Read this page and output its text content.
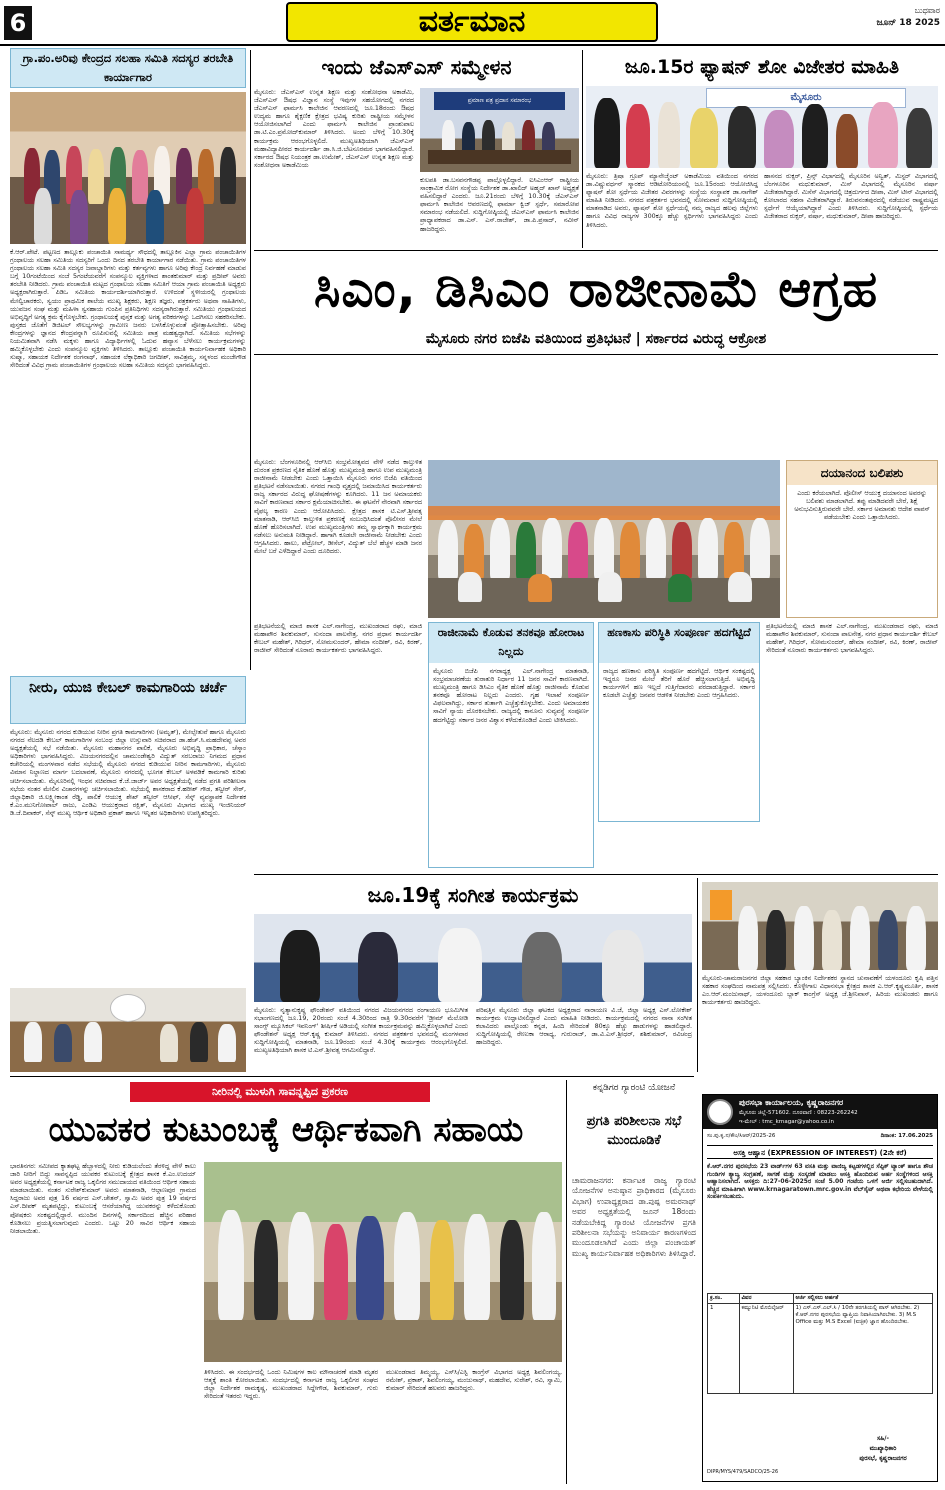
6	ವರ್ತಮಾನ	ಬುಧವಾರ
ಜೂನ್ 18 2025
ಗ್ರಾ.ಪಂ.ಅರಿವು ಕೇಂದ್ರದ ಸಲಹಾ ಸಮಿತಿ ಸದಸ್ಯರ ತರಬೇತಿ ಕಾರ್ಯಾಗಾರ
ಕೆ.ಆರ್.ಪೇಟೆ. ಪಟ್ಟಣದ ತಾಲ್ಲೂಕು ಪಂಚಾಯಿತಿ ಸಾಮರ್ಥ್ಯ ಸೌಧದಲ್ಲಿ ತಾಲ್ಲೂಕಿನ ಎಲ್ಲಾ ಗ್ರಾಮ ಪಂಚಾಯಿತಿಗಳ ಗ್ರಂಥಾಲಯ ಸಲಹಾ ಸಮಿತಿಯ ಸದಸ್ಯರಿಗೆ ಒಂದು ದಿನದ ತರಬೇತಿ ಕಾರ್ಯಾಗಾರ ನಡೆಯಿತು. ಗ್ರಾಮ ಪಂಚಾಯಿತಿಗಳ ಗ್ರಂಥಾಲಯ ಸಲಹಾ ಸಮಿತಿ ಸದಸ್ಯರ ಜವಾಬ್ದಾರಿಗಳು ಮತ್ತು ಕರ್ತವ್ಯಗಳು ಹಾಗೂ ಅರಿವು ಕೇಂದ್ರ ನಿರ್ವಹಣೆ ಮಾಡುವ ಬಗ್ಗೆ 10ಗಂಟೆಯಿಂದ ಸಂಜೆ 5ಗಂಟೆಯವರೆಗೆ ಸಂಪನ್ಮೂಲ ವ್ಯಕ್ತಿಗಳಾದ ಶಾಂತಕುಮಾರ್ ಮತ್ತು ಪ್ರದೀಪ್ ಅವರು ತರಬೇತಿ ನೀಡಿದರು. ಗ್ರಾಮ ಪಂಚಾಯಿತಿ ಮಟ್ಟದ ಗ್ರಂಥಾಲಯ ಸಲಹಾ ಸಮಿತಿಗೆ ಆಯಾ ಗ್ರಾಮ ಪಂಚಾಯಿತಿ ಅಧ್ಯಕ್ಷರು ಅಧ್ಯಕ್ಷರಾಗಿರುತ್ತಾರೆ. ಪಿಡಿಒ ಸಮಿತಿಯ ಕಾರ್ಯದರ್ಶಿಯಾಗಿರುತ್ತಾರೆ. ಉಳಿದಂತೆ ಸ್ಥಳೀಯರಲ್ಲಿ ಗ್ರಂಥಾಲಯ ಮೇಲ್ವಿಚಾರಕರು, ಸ್ವಯಂ ಪ್ರಾಥಮಿಕ ಶಾಲೆಯ ಮುಖ್ಯ ಶಿಕ್ಷಕರು, ಶಿಕ್ಷಣ ತಜ್ಞರು, ಪತ್ರಕರ್ತರು ಅಥವಾ ಸಾಹಿತಿಗಳು, ಯುವಜನ ಸಂಘ ಮತ್ತು ಮಹಿಳಾ ಸ್ವಸಹಾಯ ಗುಂಪಿನ ಪ್ರತಿನಿಧಿಗಳು ಸದಸ್ಯರಾಗಿರುತ್ತಾರೆ. ಸಮಿತಿಯು ಗ್ರಂಥಾಲಯದ ಅಭಿವೃದ್ಧಿಗೆ ಅಗತ್ಯ ಕ್ರಮ ಕೈಗೊಳ್ಳಬೇಕು. ಗ್ರಂಥಾಲಯಕ್ಕೆ ಪುಸ್ತಕ ಮತ್ತು ಅಗತ್ಯ ಪರಿಕರಗಳನ್ನು ಒದಗಿಸಲು ಸಹಕರಿಸಬೇಕು. ಪುಸ್ತಕದ ಜೊತೆಗೆ ಡಿಜಿಟಲ್ ಸೌಲಭ್ಯಗಳನ್ನು ಗ್ರಾಮೀಣ ಜನರು ಬಳಸಿಕೊಳ್ಳುವಂತೆ ಪ್ರೋತ್ಸಾಹಿಸಬೇಕು. ಅರಿವು ಕೇಂದ್ರಗಳನ್ನು ಜ್ಞಾನದ ಕೇಂದ್ರವನ್ನಾಗಿ ರೂಪಿಸುವಲ್ಲಿ ಸಮಿತಿಯ ಪಾತ್ರ ಮಹತ್ವದ್ದಾಗಿದೆ. ಸಮಿತಿಯ ಸಭೆಗಳನ್ನು ನಿಯಮಿತವಾಗಿ ನಡೆಸಿ ಮಕ್ಕಳು ಹಾಗೂ ವಿದ್ಯಾರ್ಥಿಗಳಲ್ಲಿ ಓದುವ ಹವ್ಯಾಸ ಬೆಳೆಸಲು ಕಾರ್ಯಕ್ರಮಗಳನ್ನು ಹಮ್ಮಿಕೊಳ್ಳಬೇಕು ಎಂದು ಸಂಪನ್ಮೂಲ ವ್ಯಕ್ತಿಗಳು ತಿಳಿಸಿದರು. ತಾಲ್ಲೂಕು ಪಂಚಾಯಿತಿ ಕಾರ್ಯನಿರ್ವಾಹಕ ಅಧಿಕಾರಿ ಸುಷ್ಮಾ, ಸಹಾಯಕ ನಿರ್ದೇಶಕ ರಂಗನಾಥ್, ಸಹಾಯಕ ಲೆಕ್ಕಾಧಿಕಾರಿ ಜಗದೀಶ್, ಸಾವಿತ್ರಮ್ಮ, ಸನ್ನಳಂದ ಮಂಜೇಗೌಡ ಸೇರಿದಂತೆ ವಿವಿಧ ಗ್ರಾಮ ಪಂಚಾಯಿತಿಗಳ ಗ್ರಂಥಾಲಯ ಸಲಹಾ ಸಮಿತಿಯ ಸದಸ್ಯರು ಭಾಗವಹಿಸಿದ್ದರು.
ಇಂದು ಜೆಎಸ್ಎಸ್ ಸಮ್ಮೇಳನ
ಮೈಸೂರು: ಜೆಎಸ್ಎಸ್ ಉನ್ನತ ಶಿಕ್ಷಣ ಮತ್ತು ಸಂಶೋಧನಾ ಅಕಾಡೆಮಿ, ಜೆಎಸ್ಎಸ್ ಔಷಧ ವಿಜ್ಞಾನ ಸಂಸ್ಥೆ ಇವುಗಳ ಸಹಯೋಗದಲ್ಲಿ ನಗರದ ಜೆಎಸ್ಎಸ್ ಫಾರ್ಮಸಿ ಕಾಲೇಜಿನ ಆವರಣದಲ್ಲಿ ಜೂ.18ರಂದು ಔಷಧ ಉದ್ಯಮ ಹಾಗೂ ಶೈಕ್ಷಣಿಕ ಕ್ಷೇತ್ರದ ಭವಿಷ್ಯ ಕುರಿತು ರಾಷ್ಟ್ರೀಯ ಸಮ್ಮೇಳನ ಆಯೋಜಿಸಲಾಗಿದೆ ಎಂದು ಫಾರ್ಮಸಿ ಕಾಲೇಜಿನ ಪ್ರಾಂಶುಪಾಲ ಡಾ.ಟಿ.ಎಂ.ಪ್ರಮೋದ್‌ಕುಮಾರ್ ತಿಳಿಸಿದರು. ಅಂದು ಬೆಳಿಗ್ಗೆ 10.30ಕ್ಕೆ ಕಾರ್ಯಕ್ರಮ ಆರಂಭಗೊಳ್ಳಲಿದೆ. ಮುಖ್ಯಅತಿಥಿಯಾಗಿ ಜೆಎಸ್ಎಸ್ ಮಹಾವಿದ್ಯಾಪೀಠದ ಕಾರ್ಯದರ್ಶಿ ಡಾ.ಸಿ.ಜಿ.ಬೆಟಸೂರಮಠ ಭಾಗವಹಿಸಲಿದ್ದಾರೆ. ಸರ್ಕಾರದ ಔಷಧ ನಿಯಂತ್ರಕ ಡಾ.ಉಮೇಶ್, ಜೆಎಸ್ಎಸ್ ಉನ್ನತ ಶಿಕ್ಷಣ ಮತ್ತು ಸಂಶೋಧನಾ ಅಕಾಡೆಮಿಯ
ಪ್ರಮಾಣ ಪತ್ರ ಪ್ರದಾನ ಸಮಾರಂಭ
ಕುಲಪತಿ ಡಾ.ಬಸವನಗೌಡಪ್ಪ ಪಾಲ್ಗೊಳ್ಳಲಿದ್ದಾರೆ. ಐಸಿಎಂಆರ್ ರಾಷ್ಟ್ರೀಯ ಸಾಂಕ್ರಾಮಿಕ ರೋಗ ಸಂಸ್ಥೆಯ ನಿರ್ದೇಶಕ ಡಾ.ಖಾಲಿದ್ ಅಹ್ಮದ್ ಖಾನ್ ಅಧ್ಯಕ್ಷತೆ ವಹಿಸಲಿದ್ದಾರೆ ಎಂದರು. ಜೂ.21ರಂದು ಬೆಳಿಗ್ಗೆ 10.30ಕ್ಕೆ ಜೆಎಸ್ಎಸ್ ಫಾರ್ಮಸಿ ಕಾಲೇಜಿನ ಆವರಣದಲ್ಲಿ ಫಾರ್ಮಾ ಕ್ವಿಜ್ ಸ್ಪರ್ಧೆ, ಸಮಾರೋಪ ಸಮಾರಂಭ ನಡೆಯಲಿದೆ. ಸುದ್ದಿಗೋಷ್ಠಿಯಲ್ಲಿ ಜೆಎಸ್ಎಸ್ ಫಾರ್ಮಸಿ ಕಾಲೇಜಿನ ಪ್ರಾಧ್ಯಾಪಕರಾದ ಡಾ.ಎಸ್. ಎಸ್.ರಾಜೇಶ್, ಡಾ.ಪಿ.ಪ್ರಸಾದ್, ನವೀನ್ ಹಾಜರಿದ್ದರು.
ಜೂ.15ರ ಫ್ಯಾಷನ್ ಶೋ ವಿಜೇತರ ಮಾಹಿತಿ
ಮೈಸೂರು
ಮೈಸೂರು: ತ್ರಿಷಾ ಗ್ರೂಪ್ ಮ್ಯಾನೇಜ್ಮೆಂಟ್ ಅಕಾಡೆಮಿಯ ವತಿಯಿಂದ ನಗರದ ಡಾ.ವಿಷ್ಣುವರ್ಧನ್ ಸ್ಮಾರಕದ ಆಡಿಟೋರಿಯಂನಲ್ಲಿ ಜೂ.15ರಂದು ಆಯೋಜಿಸಿದ್ದ ಫ್ಯಾಷನ್ ಶೋ ಸ್ಪರ್ಧೆಯ ವಿಜೇತರ ವಿವರಗಳನ್ನು ಸಂಸ್ಥೆಯ ಸಂಸ್ಥಾಪಕ ಡಾ.ನಾಗೇಶ್ ಮಾಹಿತಿ ನೀಡಿದರು. ನಗರದ ಪತ್ರಕರ್ತರ ಭವನದಲ್ಲಿ ಸೋಮವಾರ ಸುದ್ದಿಗೋಷ್ಠಿಯಲ್ಲಿ ಮಾತನಾಡಿದ ಅವರು, ಫ್ಯಾಷನ್ ಶೋ ಸ್ಪರ್ಧೆಯಲ್ಲಿ ನಮ್ಮ ರಾಜ್ಯದ ಹಲವು ಜಿಲ್ಲೆಗಳು ಹಾಗೂ ವಿವಿಧ ರಾಜ್ಯಗಳ 300ಕ್ಕೂ ಹೆಚ್ಚು ಸ್ಪರ್ಧಿಗಳು ಭಾಗವಹಿಸಿದ್ದರು ಎಂದು ತಿಳಿಸಿದರು.
ಹಾಸನದ ರುಕ್ಸರ್, ಪ್ರಿನ್ಸ್ ವಿಭಾಗದಲ್ಲಿ ಮೈಸೂರಿನ ಅನ್ವಿತ್, ಮಿಸ್ಟರ್ ವಿಭಾಗದಲ್ಲಿ ಬೆಂಗಳೂರಿನ ಮಧುಕುಮಾರ್, ಮಿಸ್ ವಿಭಾಗದಲ್ಲಿ ಮೈಸೂರಿನ ವರ್ಷಾ ವಿಜೇತರಾಗಿದ್ದಾರೆ. ಮಿಸೆಸ್ ವಿಭಾಗದಲ್ಲಿ ಚಿತ್ರದುರ್ಗದ ದೀಪಾ, ಮಿಸ್ ಟೀನ್ ವಿಭಾಗದಲ್ಲಿ ಕೋಲಾರದ ಸಹನಾ ವಿಜೇತರಾಗಿದ್ದಾರೆ. ತಿರುವನಂತಪುರದಲ್ಲಿ ನಡೆಯುವ ರಾಷ್ಟ್ರಮಟ್ಟದ ಸ್ಪರ್ಧೆಗೆ ಆಯ್ಕೆಯಾಗಿದ್ದಾರೆ ಎಂದು ತಿಳಿಸಿದರು. ಸುದ್ದಿಗೋಷ್ಠಿಯಲ್ಲಿ ಸ್ಪರ್ಧೆಯ ವಿಜೇತರಾದ ರುಕ್ಸರ್, ವರ್ಷಾ, ಮಧುಕುಮಾರ್, ದೀಪಾ ಹಾಜರಿದ್ದರು.
ಸಿಎಂ, ಡಿಸಿಎಂ ರಾಜೀನಾಮೆ ಆಗ್ರಹ
ಮೈಸೂರು ನಗರ ಬಿಜೆಪಿ ವತಿಯಿಂದ ಪ್ರತಿಭಟನೆ | ಸರ್ಕಾರದ ವಿರುದ್ಧ ಆಕ್ರೋಶ
ಮೈಸೂರು: ಬೆಂಗಳೂರಿನಲ್ಲಿ ಆರ್‌ಸಿಬಿ ಸಂಭ್ರಮೋತ್ಸವದ ವೇಳೆ ನಡೆದ ಕಾಲ್ತುಳಿತ ದುರಂತ ಪ್ರಕರಣದ ನೈತಿಕ ಹೊಣೆ ಹೊತ್ತು ಮುಖ್ಯಮಂತ್ರಿ ಹಾಗೂ ಉಪ ಮುಖ್ಯಮಂತ್ರಿ ರಾಜೀನಾಮೆ ನೀಡಬೇಕು ಎಂದು ಒತ್ತಾಯಿಸಿ ಮೈಸೂರು ನಗರ ಬಿಜೆಪಿ ವತಿಯಿಂದ ಪ್ರತಿಭಟನೆ ನಡೆಸಲಾಯಿತು. ನಗರದ ಗಾಂಧಿ ವೃತ್ತದಲ್ಲಿ ಜಮಾಯಿಸಿದ ಕಾರ್ಯಕರ್ತರು ರಾಜ್ಯ ಸರ್ಕಾರದ ವಿರುದ್ಧ ಘೋಷಣೆಗಳನ್ನು ಕೂಗಿದರು. 11 ಜನ ಅಮಾಯಕರು ಸಾವಿಗೆ ಕಾರಣವಾದ ಸರ್ಕಾರ ಕ್ಷಮೆಯಾಚಿಸಬೇಕು. ಈ ಘಟನೆಗೆ ನೇರವಾಗಿ ಸರ್ಕಾರದ ವೈಫಲ್ಯ ಕಾರಣ ಎಂದು ಆರೋಪಿಸಿದರು. ಕ್ಷೇತ್ರದ ಶಾಸಕ ಟಿ.ಎಸ್.ಶ್ರೀವತ್ಸ ಮಾತನಾಡಿ, ಆರ್‌ಸಿಬಿ ಕಾಲ್ತುಳಿತ ಪ್ರಕರಣಕ್ಕೆ ಸಂಬಂಧಿಸಿದಂತೆ ಪೊಲೀಸರ ಮೇಲೆ ಹೊಣೆ ಹೊರಿಸಲಾಗಿದೆ. ಉಪ ಮುಖ್ಯಮಂತ್ರಿಗಳು ತಮ್ಮ ಸ್ವಾರ್ಥಕ್ಕಾಗಿ ಕಾರ್ಯಕ್ರಮ ನಡೆಸಲು ಅನುಮತಿ ನೀಡಿದ್ದಾರೆ. ಹಾಗಾಗಿ ಕೂಡಲೇ ರಾಜೀನಾಮೆ ನೀಡಬೇಕು ಎಂದು ಆಗ್ರಹಿಸಿದರು. ಹಾಲು, ಪೆಟ್ರೋಲ್, ಡೀಸೆಲ್, ವಿದ್ಯುತ್ ಬೆಲೆ ಹೆಚ್ಚಳ ಮಾಡಿ ಜನರ ಮೇಲೆ ಬರೆ ಎಳೆದಿದ್ದಾರೆ ಎಂದು ದೂರಿದರು.
ದಯಾನಂದ ಬಲಿಪಶು
ಎಂದು ಕರೆಯಲಾಗಿದೆ. ಪೊಲೀಸ್ ಆಯುಕ್ತ ದಯಾನಂದ ಅವರನ್ನು ಬಲಿಪಶು ಮಾಡಲಾಗಿದೆ. ತಪ್ಪು ಮಾಡಿದವರೇ ಬೇರೆ, ಶಿಕ್ಷೆ ಅನುಭವಿಸುತ್ತಿರುವವರೇ ಬೇರೆ. ಸರ್ಕಾರ ಅಮಾನತು ಆದೇಶ ವಾಪಸ್ ಪಡೆಯಬೇಕು ಎಂದು ಒತ್ತಾಯಿಸಿದರು.
ರಾಜೀನಾಮೆ ಕೊಡುವ ತನಕವೂ ಹೋರಾಟ ನಿಲ್ಲದು
ಮೈಸೂರು ಬಿಜೆಪಿ ನಗರಾಧ್ಯಕ್ಷ ಎಲ್.ನಾಗೇಂದ್ರ ಮಾತನಾಡಿ, ಸಂಭ್ರಮಾಚರಣೆಯ ತುರಾತುರಿ ನಿರ್ಧಾರ 11 ಜನರ ಸಾವಿಗೆ ಕಾರಣವಾಗಿದೆ. ಮುಖ್ಯಮಂತ್ರಿ ಹಾಗೂ ಡಿಸಿಎಂ ನೈತಿಕ ಹೊಣೆ ಹೊತ್ತು ರಾಜೀನಾಮೆ ಕೊಡುವ ತನಕವೂ ಹೋರಾಟ ನಿಲ್ಲದು ಎಂದರು. ಗೃಹ ಇಲಾಖೆ ಸಂಪೂರ್ಣ ವಿಫಲವಾಗಿದ್ದು, ಸರ್ಕಾರ ತುರ್ತಾಗಿ ಎಚ್ಚೆತ್ತುಕೊಳ್ಳಬೇಕು. ಎಂದು ಅಮಾಯಕರ ಸಾವಿಗೆ ನ್ಯಾಯ ದೊರಕಿಸಬೇಕು. ರಾಜ್ಯದಲ್ಲಿ ಕಾನೂನು ಸುವ್ಯವಸ್ಥೆ ಸಂಪೂರ್ಣ ಹದಗೆಟ್ಟಿದ್ದು ಸರ್ಕಾರ ಜನರ ವಿಶ್ವಾಸ ಕಳೆದುಕೊಂಡಿದೆ ಎಂದು ಟೀಕಿಸಿದರು.
ಪ್ರತಿಭಟನೆಯಲ್ಲಿ ಮಾಜಿ ಶಾಸಕ ಎಲ್.ನಾಗೇಂದ್ರ, ಮುಖಂಡರಾದ ರಘು, ಮಾಜಿ ಮಹಾಪೌರ ಶಿವಕುಮಾರ್, ಸುನಂದಾ ಪಾಲನೇತ್ರ, ನಗರ ಪ್ರಧಾನ ಕಾರ್ಯದರ್ಶಿ ಕೇಬಲ್ ಮಹೇಶ್, ಗಿರಿಧರ್, ಸೋಮಸುಂದರ್, ಹೇಮಾ ನಂದೀಶ್, ರವಿ, ಕಿರಣ್, ರಾಜೀವ್ ಸೇರಿದಂತೆ ನೂರಾರು ಕಾರ್ಯಕರ್ತರು ಭಾಗವಹಿಸಿದ್ದರು.
ಹಣಕಾಸು ಪರಿಸ್ಥಿತಿ ಸಂಪೂರ್ಣ ಹದಗೆಟ್ಟಿದೆ
ರಾಜ್ಯದ ಹಣಕಾಸು ಪರಿಸ್ಥಿತಿ ಸಂಪೂರ್ಣ ಹದಗೆಟ್ಟಿದೆ. ಆರ್ಥಿಕ ಸಂಕಷ್ಟದಲ್ಲಿ ಇದ್ದರೂ ಜನರ ಮೇಲೆ ತೆರಿಗೆ ಹೊರೆ ಹೆಚ್ಚಿಸಲಾಗುತ್ತಿದೆ. ಅಭಿವೃದ್ಧಿ ಕಾರ್ಯಗಳಿಗೆ ಹಣ ಇಲ್ಲದೆ ಗುತ್ತಿಗೆದಾರರು ಪರದಾಡುತ್ತಿದ್ದಾರೆ. ಸರ್ಕಾರ ಕೂಡಲೇ ಎಚ್ಚೆತ್ತು ಜನಪರ ಆಡಳಿತ ನೀಡಬೇಕು ಎಂದು ಆಗ್ರಹಿಸಿದರು.
ಪ್ರತಿಭಟನೆಯಲ್ಲಿ ಮಾಜಿ ಶಾಸಕ ಎಲ್.ನಾಗೇಂದ್ರ, ಮುಖಂಡರಾದ ರಘು, ಮಾಜಿ ಮಹಾಪೌರ ಶಿವಕುಮಾರ್, ಸುನಂದಾ ಪಾಲನೇತ್ರ, ನಗರ ಪ್ರಧಾನ ಕಾರ್ಯದರ್ಶಿ ಕೇಬಲ್ ಮಹೇಶ್, ಗಿರಿಧರ್, ಸೋಮಸುಂದರ್, ಹೇಮಾ ನಂದೀಶ್, ರವಿ, ಕಿರಣ್, ರಾಜೀವ್ ಸೇರಿದಂತೆ ನೂರಾರು ಕಾರ್ಯಕರ್ತರು ಭಾಗವಹಿಸಿದ್ದರು.
ನೀರು, ಯುಜಿ ಕೇಬಲ್ ಕಾಮಗಾರಿಯ ಚರ್ಚೆ
ಮೈಸೂರು: ಮೈಸೂರು ನಗರದ ಕುಡಿಯುವ ನೀರಿನ ಪ್ರಗತಿ ಕಾಮಗಾರಿಗಳು (ಅಮೃತ್), ಮೇಲ್ಸೇತುವೆ ಹಾಗೂ ಮೈಸೂರು ನಗರದ ನೆಲದಡಿ ಕೇಬಲ್ ಕಾಮಗಾರಿಗಳ ಸಂಬಂಧ ಜಿಲ್ಲಾ ಉಸ್ತುವಾರಿ ಸಚಿವರಾದ ಡಾ.ಹೆಚ್.ಸಿ.ಮಹದೇವಪ್ಪ ಅವರ ಅಧ್ಯಕ್ಷತೆಯಲ್ಲಿ ಸಭೆ ನಡೆಯಿತು. ಮೈಸೂರು ಮಹಾನಗರ ಪಾಲಿಕೆ, ಮೈಸೂರು ಅಭಿವೃದ್ಧಿ ಪ್ರಾಧಿಕಾರ, ಚೆಸ್ಕಾಂ ಅಧಿಕಾರಿಗಳು ಭಾಗವಹಿಸಿದ್ದರು. ವಿಜಯನಗರದಲ್ಲಿನ ಚಾಮುಂಡೇಶ್ವರಿ ವಿದ್ಯುತ್ ಸರಬರಾಜು ನಿಗಮದ ಪ್ರಧಾನ ಕಚೇರಿಯಲ್ಲಿ ಮಂಗಳವಾರ ನಡೆದ ಸಭೆಯಲ್ಲಿ ಮೈಸೂರು ನಗರದ ಕುಡಿಯುವ ನೀರಿನ ಕಾಮಗಾರಿಗಳು, ಮೈಸೂರು ವಿಮಾನ ನಿಲ್ದಾಣದ ಮಾರ್ಗ ಬದಲಾವಣೆ, ಮೈಸೂರು ನಗರದಲ್ಲಿ ಭೂಗತ ಕೇಬಲ್ ಅಳವಡಿಕೆ ಕಾಮಗಾರಿ ಕುರಿತು ಚರ್ಚಿಸಲಾಯಿತು. ಮೈಸೂರಿನಲ್ಲಿ ಇಂಧನ ಸಚಿವರಾದ ಕೆ.ಜೆ.ಜಾರ್ಜ್ ಅವರ ಅಧ್ಯಕ್ಷತೆಯಲ್ಲಿ ನಡೆದ ಪ್ರಗತಿ ಪರಿಶೀಲನಾ ಸಭೆಯ ನಂತರ ಮೇಲಿನ ವಿಚಾರಗಳನ್ನು ಚರ್ಚಿಸಲಾಯಿತು. ಸಭೆಯಲ್ಲಿ ಶಾಸಕರಾದ ಕೆ.ಹರೀಶ್ ಗೌಡ, ತನ್ವೀರ್ ಸೇಠ್, ಜಿಲ್ಲಾಧಿಕಾರಿ ಜಿ.ಲಕ್ಷ್ಮೀಕಾಂತ ರೆಡ್ಡಿ, ಪಾಲಿಕೆ ಆಯುಕ್ತ ಶೇಖ್ ತನ್ವೀರ್ ಆಸೀಫ್, ಸೆಸ್ಕ್ ವ್ಯವಸ್ಥಾಪಕ ನಿರ್ದೇಶಕ ಕೆ.ಎಂ.ಮುನಿಗೋಪಾಲ್ ರಾಜು, ಎಂಡಿಎ ಆಯುಕ್ತರಾದ ರಕ್ಷಿತ್, ಮೈಸೂರು ವಿಭಾಗದ ಮುಖ್ಯ ಇಂಜಿನಿಯರ್ ಡಿ.ಜೆ.ದಿವಾಕರ್, ಸೆಸ್ಕ್ ಮುಖ್ಯ ಆರ್ಥಿಕ ಅಧಿಕಾರಿ ಪ್ರಕಾಶ್ ಹಾಗೂ ಇನ್ನಿತರ ಅಧಿಕಾರಿಗಳು ಉಪಸ್ಥಿತರಿದ್ದರು.
ಜೂ.19ಕ್ಕೆ ಸಂಗೀತ ಕಾರ್ಯಕ್ರಮ
ಮೈಸೂರು: ನೃತ್ಯಾನುಕೃಷ್ಣ ಫೌಂಡೇಶನ್ ವತಿಯಿಂದ ನಗರದ ವಿಜಯನಗರದ ರಂಗಾಯಣ ಭೂಮಿಗೀತ ಸಭಾಂಗಣದಲ್ಲಿ ಜೂ.19, 20ರಂದು ಸಂಜೆ 4.30ರಿಂದ ರಾತ್ರಿ 9.30ರವರೆಗೆ 'ಡ್ರೀಮ್ ಮೆಲೋಡಿ ಸಾಂಗ್ಸ್ ಮ್ಯೂಸಿಕಲ್ ಇವನಿಂಗ್' ಶೀರ್ಷಿಕೆ ಅಡಿಯಲ್ಲಿ ಸಂಗೀತ ಕಾರ್ಯಕ್ರಮವನ್ನು ಹಮ್ಮಿಕೊಳ್ಳಲಾಗಿದೆ ಎಂದು ಫೌಂಡೇಶನ್ ಅಧ್ಯಕ್ಷ ಆರ್.ಕೃಷ್ಣ ಕುಮಾರ್ ತಿಳಿಸಿದರು. ನಗರದ ಪತ್ರಕರ್ತರ ಭವನದಲ್ಲಿ ಮಂಗಳವಾರ ಸುದ್ದಿಗೋಷ್ಠಿಯಲ್ಲಿ ಮಾತನಾಡಿ, ಜೂ.19ರಂದು ಸಂಜೆ 4.30ಕ್ಕೆ ಕಾರ್ಯಕ್ರಮ ಆರಂಭಗೊಳ್ಳಲಿದೆ. ಮುಖ್ಯಅತಿಥಿಯಾಗಿ ಶಾಸಕ ಟಿ.ಎಸ್.ಶ್ರೀವತ್ಸ ಆಗಮಿಸಲಿದ್ದಾರೆ.
ಪರಿಷತ್ತಿನ ಮೈಸೂರು ಜಿಲ್ಲಾ ಘಟಕದ ಅಧ್ಯಕ್ಷರಾದ ನಾರಾಯಣ ವಿ.ಜೆ, ಜಿಲ್ಲಾ ಅಧ್ಯಕ್ಷ ಎಸ್.ಲೋಕೇಶ್ ಕಾರ್ಯಕ್ರಮ ಉದ್ಘಾಟಿಸಲಿದ್ದಾರೆ ಎಂದು ಮಾಹಿತಿ ನೀಡಿದರು. ಕಾರ್ಯಕ್ರಮದಲ್ಲಿ ನಗರದ ನಾನಾ ಸಂಗೀತ ಕಲಾವಿದರು ಪಾಲ್ಗೊಂಡು ಕನ್ನಡ, ಹಿಂದಿ ಸೇರಿದಂತೆ 80ಕ್ಕೂ ಹೆಚ್ಚು ಹಾಡುಗಳನ್ನು ಹಾಡಲಿದ್ದಾರೆ. ಸುದ್ದಿಗೋಷ್ಠಿಯಲ್ಲಿ ರೇಣುಕಾ ಆರಾಧ್ಯ, ಗುರುರಾಜ್, ಡಾ.ವಿ.ಎಸ್.ಶ್ರೀಧರ್, ಶಶಿಕುಮಾರ್, ರವಿಚಂದ್ರ ಹಾಜರಿದ್ದರು.
ಮೈಸೂರು-ಚಾಮರಾಜನಗರ ಜಿಲ್ಲಾ ಸಹಕಾರ ಬ್ಯಾಂಕಿನ ನಿರ್ದೇಶಕರ ಸ್ಥಾನದ ಚುನಾವಣೆಗೆ ಯಳಂದೂರು ಕೃಷಿ ಪತ್ತಿನ ಸಹಕಾರ ಸಂಘದಿಂದ ನಾಮಪತ್ರ ಸಲ್ಲಿಸಿದರು. ಕೊಳ್ಳೇಗಾಲ ವಿಧಾನಸಭಾ ಕ್ಷೇತ್ರದ ಶಾಸಕ ಎ.ಆರ್.ಕೃಷ್ಣಮೂರ್ತಿ, ಶಾಸಕ ಎಂ.ಆರ್.ಮಂಜುನಾಥ್, ಯಳಂದೂರು ಬ್ಲಾಕ್ ಕಾಂಗ್ರೆಸ್ ಅಧ್ಯಕ್ಷ ಜೆ.ಶ್ರೀನಿವಾಸ್, ಹಿರಿಯ ಮುಖಂಡರು ಹಾಗೂ ಕಾರ್ಯಕರ್ತರು ಹಾಜರಿದ್ದರು.
ಪುರಸಭಾ ಕಾರ್ಯಾಲಯ, ಕೃಷ್ಣರಾಜನಗರ
ಮೈಸೂರು ಜಿಲ್ಲೆ-571602. ದೂರವಾಣಿ : 08223-262242
ಇ-ಮೇಲ್ : tmc_krnagar@yahoo.co.in
ಸಂ.ಪು.ಕೃ.ನ/ಕೌಂ/ಸಿಆರ್/2025-26	ದಿನಾಂಕ: 17.06.2025
ಅಸಕ್ತಿ ಆಹ್ವಾನ (EXPRESSION OF INTEREST) (2ನೇ ಕರೆ)
ಕೆ.ಆರ್.ನಗರ ಪುರಸಭೆಯ 23 ವಾರ್ಡ್‌ಗಳ 63 ವಸತಿ ಮತ್ತು ವಾಣಿಜ್ಯ ಕಟ್ಟಡಗಳಲ್ಲಿನ ಸೆಪ್ಟಿಕ್ ಟ್ಯಾಂಕ್ ಹಾಗೂ ಶೌಚ ಗುಂಡಿಗಳ ತ್ಯಾಜ್ಯ ಸಂಗ್ರಹಣೆ, ಸಾಗಣೆ ಮತ್ತು ಸಂಸ್ಕರಣೆ ಮಾಡಲು ಆಸಕ್ತಿ ಹೊಂದಿರುವ ಅರ್ಹ ಸಂಸ್ಥೆಗಳಿಂದ ಆಸಕ್ತಿ ಆಹ್ವಾನಿಸಲಾಗಿದೆ. ಆಸಕ್ತರು ದಿ:27-06-2025ರ ಸಂಜೆ 5.00 ಗಂಟೆಯ ಒಳಗೆ ಅರ್ಜಿ ಸಲ್ಲಿಸಬಹುದಾಗಿದೆ. ಹೆಚ್ಚಿನ ಮಾಹಿತಿಗಾಗಿ www.krnagaratown.mrc.gov.in ವೆಬ್‌ಸೈಟ್ ಅಥವಾ ಕಛೇರಿಯ ವೇಳೆಯಲ್ಲಿ ಸಂಪರ್ಕಿಸಬಹುದು.
ಕ್ರ.ಸಂ.	ವಿವರ	ಅರ್ಜಿ ಸಲ್ಲಿಸಲು ಅರ್ಹತೆ
1	ಕಮ್ಯುನಿಟಿ ಮೊಬಿಲೈಜರ್	1) ಎಸ್.ಎಸ್.ಎಲ್.ಸಿ / 10ನೇ ತರಗತಿಯಲ್ಲಿ ಪಾಸ್ ಆಗಿರಬೇಕು. 2) ಕೆ.ಆರ್.ನಗರ ಪುರಸಭೆಯ ವ್ಯಾಪ್ತಿಯ ನಿವಾಸಿಯಾಗಿರಬೇಕು. 3) M.S Office ಮತ್ತು M.S Excel (ಐಚ್ಛಿಕ) ಜ್ಞಾನ ಹೊಂದಿರಬೇಕು.
ಸಹಿ/-
ಮುಖ್ಯಾಧಿಕಾರಿ
ಪುರಸಭೆ, ಕೃಷ್ಣರಾಜನಗರ
DIPR/MYS/479/SADCO/25-26
ನೀರಿನಲ್ಲಿ ಮುಳುಗಿ ಸಾವನ್ನಪ್ಪಿದ ಪ್ರಕರಣ
ಯುವಕರ ಕುಟುಂಬಕ್ಕೆ ಆರ್ಥಿಕವಾಗಿ ಸಹಾಯ
ಭಾರತಿನಗರ: ಸಮೀಪದ ಕ್ಯಾತಘಟ್ಟ ಹೆಬ್ಬಾಳದಲ್ಲಿ ನೀರು ಕುಡಿಯಲೆಂದು ತೆರಳಿದ್ದ ವೇಳೆ ಕಾಲು ಜಾರಿ ನೀರಿಗೆ ಬಿದ್ದು ಸಾವನ್ನಪ್ಪಿದ ಯುವಕರ ಕುಟುಂಬಕ್ಕೆ ಕ್ಷೇತ್ರದ ಶಾಸಕ ಕೆ.ಎಂ.ಉದಯ್ ಅವರ ಅಧ್ಯಕ್ಷತೆಯಲ್ಲಿ ಕರ್ನಾಟಕ ರಾಜ್ಯ ಒಕ್ಕಲಿಗರ ಸಮುದಾಯದ ವತಿಯಿಂದ ಆರ್ಥಿಕ ಸಹಾಯ ಮಾಡಲಾಯಿತು. ನಂತರ ಸುರೇಶ್‌ಕುಮಾರ್ ಅವರು ಮಾತನಾಡಿ, ಆಲ್ಗಾಣಪುರ ಗ್ರಾಮದ ಸಿದ್ದರಾಜು ಅವರ ಪುತ್ರ 16 ವರ್ಷದ ಎಸ್.ಚೇತನ್, ಸ್ವಾಮಿ ಅವರ ಪುತ್ರ 19 ವರ್ಷದ ಎಸ್.ದೀಪಕ್ ಮೃತಪಟ್ಟಿದ್ದು, ಕುಟುಂಬಕ್ಕೆ ಆಸರೆಯಾಗಿದ್ದ ಯುವಕರನ್ನು ಕಳೆದುಕೊಂಡು ಪೋಷಕರು ಸಂಕಷ್ಟದಲ್ಲಿದ್ದಾರೆ. ಮುಂದಿನ ದಿನಗಳಲ್ಲಿ ಸರ್ಕಾರದಿಂದ ಹೆಚ್ಚಿನ ಪರಿಹಾರ ಕೊಡಿಸಲು ಪ್ರಯತ್ನಿಸಲಾಗುವುದು ಎಂದರು. ಒಟ್ಟು 20 ಸಾವಿರ ಆರ್ಥಿಕ ಸಹಾಯ ನೀಡಲಾಯಿತು.
ತಿಳಿಸಿದರು. ಈ ಸಂದರ್ಭದಲ್ಲಿ ಒಂದು ನಿಮಿಷಗಳ ಕಾಲ ಮೌನಾಚರಣೆ ಮಾಡಿ ಮೃತರ ಆತ್ಮಕ್ಕೆ ಶಾಂತಿ ಕೋರಲಾಯಿತು. ಸಂದರ್ಭದಲ್ಲಿ ಕರ್ನಾಟಕ ರಾಜ್ಯ ಒಕ್ಕಲಿಗರ ಸಂಘದ ಜಿಲ್ಲಾ ನಿರ್ದೇಶಕ ರಾಮಕೃಷ್ಣ, ಮುಖಂಡರಾದ ಸಿದ್ದೇಗೌಡ, ಶಿವಕುಮಾರ್, ಗುರು ಸೇರಿದಂತೆ ಇತರರು ಇದ್ದರು.
ಮುಖಂಡರಾದ ತಿಮ್ಮಯ್ಯ, ಎಸ್‌ಸಿ/ಎಸ್ಟಿ ಕಾಂಗ್ರೆಸ್ ವಿಭಾಗದ ಅಧ್ಯಕ್ಷ ಶಿವಲಿಂಗಯ್ಯ, ರಮೇಶ್, ಪ್ರಕಾಶ್, ಶಿವಲಿಂಗಯ್ಯ, ಮಂಜುನಾಥ್, ಮಹದೇವ, ಸುರೇಶ್, ರವಿ, ಸ್ವಾಮಿ, ಕುಮಾರ್ ಸೇರಿದಂತೆ ಹಲವರು ಹಾಜರಿದ್ದರು.
ಕನ್ನಡಿಗರ ಗ್ಯಾರಂಟಿ ಯೋಜನೆ
ಪ್ರಗತಿ ಪರಿಶೀಲನಾ ಸಭೆ ಮುಂದೂಡಿಕೆ
ಚಾಮರಾಜನಗರ: ಕರ್ನಾಟಕ ರಾಜ್ಯ ಗ್ಯಾರಂಟಿ ಯೋಜನೆಗಳ ಅನುಷ್ಠಾನ ಪ್ರಾಧಿಕಾರದ (ಮೈಸೂರು ವಿಭಾಗ) ಉಪಾಧ್ಯಕ್ಷರಾದ ಡಾ.ಪುಷ್ಪ ಅಮರನಾಥ್ ಅವರ ಅಧ್ಯಕ್ಷತೆಯಲ್ಲಿ ಜೂನ್ 18ರಂದು ನಡೆಯಬೇಕಿದ್ದ ಗ್ಯಾರಂಟಿ ಯೋಜನೆಗಳ ಪ್ರಗತಿ ಪರಿಶೀಲನಾ ಸಭೆಯನ್ನು ಅನಿವಾರ್ಯ ಕಾರಣಗಳಿಂದ ಮುಂದೂಡಲಾಗಿದೆ ಎಂದು ಜಿಲ್ಲಾ ಪಂಚಾಯತ್ ಮುಖ್ಯ ಕಾರ್ಯನಿರ್ವಾಹಕ ಅಧಿಕಾರಿಗಳು ತಿಳಿಸಿದ್ದಾರೆ.
